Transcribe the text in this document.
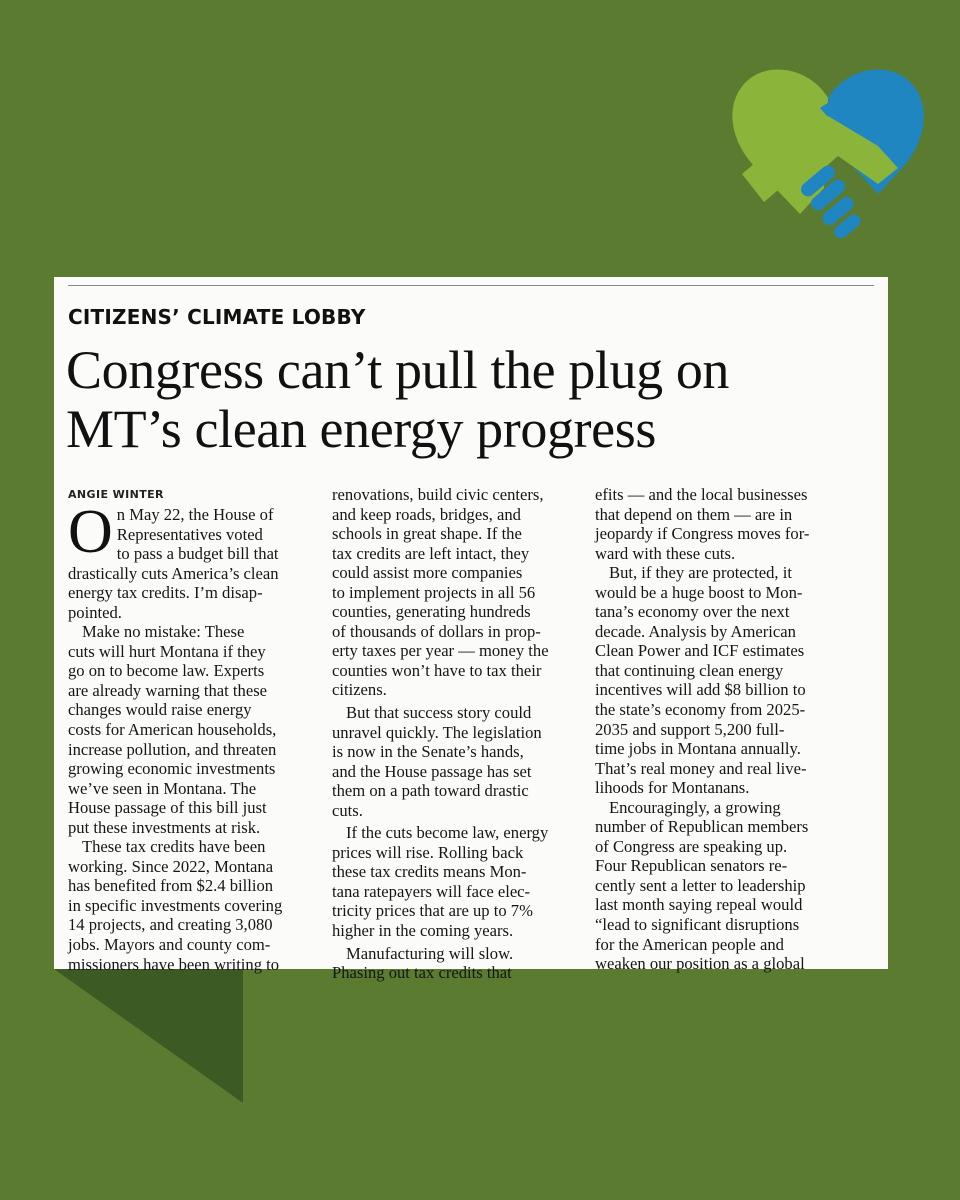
CITIZENS’ CLIMATE LOBBY
Congress can’t pull the plug on
MT’s clean energy progress
ANGIE WINTER
O n May 22, the House of
Representatives voted
to pass a budget bill that
drastically cuts America’s clean
energy tax credits. I’m disap-
pointed.
Make no mistake: These
cuts will hurt Montana if they
go on to become law. Experts
are already warning that these
changes would raise energy
costs for American households,
increase pollution, and threaten
growing economic investments
we’ve seen in Montana. The
House passage of this bill just
put these investments at risk.
These tax credits have been
working. Since 2022, Montana
has benefited from $2.4 billion
in specific investments covering
14 projects, and creating 3,080
jobs. Mayors and county com-
missioners have been writing to
renovations, build civic centers,
and keep roads, bridges, and
schools in great shape. If the
tax credits are left intact, they
could assist more companies
to implement projects in all 56
counties, generating hundreds
of thousands of dollars in prop-
erty taxes per year — money the
counties won’t have to tax their
citizens.
But that success story could
unravel quickly. The legislation
is now in the Senate’s hands,
and the House passage has set
them on a path toward drastic
cuts.
If the cuts become law, energy
prices will rise. Rolling back
these tax credits means Mon-
tana ratepayers will face elec-
tricity prices that are up to 7%
higher in the coming years.
Manufacturing will slow.
Phasing out tax credits that
efits — and the local businesses
that depend on them — are in
jeopardy if Congress moves for-
ward with these cuts.
But, if they are protected, it
would be a huge boost to Mon-
tana’s economy over the next
decade. Analysis by American
Clean Power and ICF estimates
that continuing clean energy
incentives will add $8 billion to
the state’s economy from 2025-
2035 and support 5,200 full-
time jobs in Montana annually.
That’s real money and real live-
lihoods for Montanans.
Encouragingly, a growing
number of Republican members
of Congress are speaking up.
Four Republican senators re-
cently sent a letter to leadership
last month saying repeal would
“lead to significant disruptions
for the American people and
weaken our position as a global
